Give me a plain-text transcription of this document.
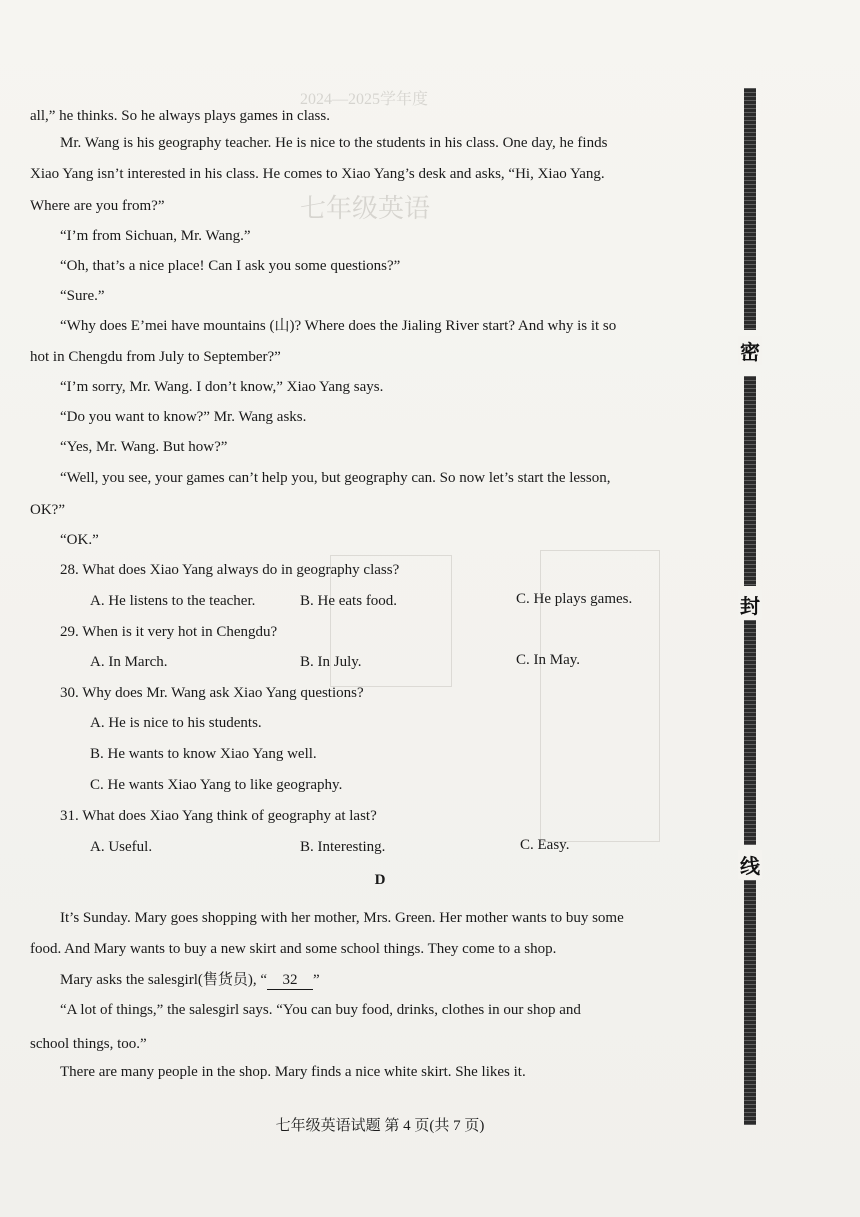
2024—2025学年度
七年级英语
all,” he thinks. So he always plays games in class.
Mr. Wang is his geography teacher. He is nice to the students in his class. One day, he finds
Xiao Yang isn’t interested in his class. He comes to Xiao Yang’s desk and asks, “Hi, Xiao Yang.
Where are you from?”
“I’m from Sichuan, Mr. Wang.”
“Oh, that’s a nice place! Can I ask you some questions?”
“Sure.”
“Why does E’mei have mountains (山)? Where does the Jialing River start? And why is it so
hot in Chengdu from July to September?”
“I’m sorry, Mr. Wang. I don’t know,” Xiao Yang says.
“Do you want to know?” Mr. Wang asks.
“Yes, Mr. Wang. But how?”
“Well, you see, your games can’t help you, but geography can. So now let’s start the lesson,
OK?”
“OK.”
28. What does Xiao Yang always do in geography class?
A. He listens to the teacher.	B. He eats food.	C. He plays games.
29. When is it very hot in Chengdu?
A. In March.	B. In July.	C. In May.
30. Why does Mr. Wang ask Xiao Yang questions?
A. He is nice to his students.
B. He wants to know Xiao Yang well.
C. He wants Xiao Yang to like geography.
31. What does Xiao Yang think of geography at last?
A. Useful.	B. Interesting.	C. Easy.
D
It’s Sunday. Mary goes shopping with her mother, Mrs. Green. Her mother wants to buy some
food. And Mary wants to buy a new skirt and some school things. They come to a shop.
Mary asks the salesgirl(售货员), “ 32 ”
“A lot of things,” the salesgirl says. “You can buy food, drinks, clothes in our shop and
school things, too.”
There are many people in the shop. Mary finds a nice white skirt. She likes it.
七年级英语试题 第 4 页(共 7 页)
密
封
线
